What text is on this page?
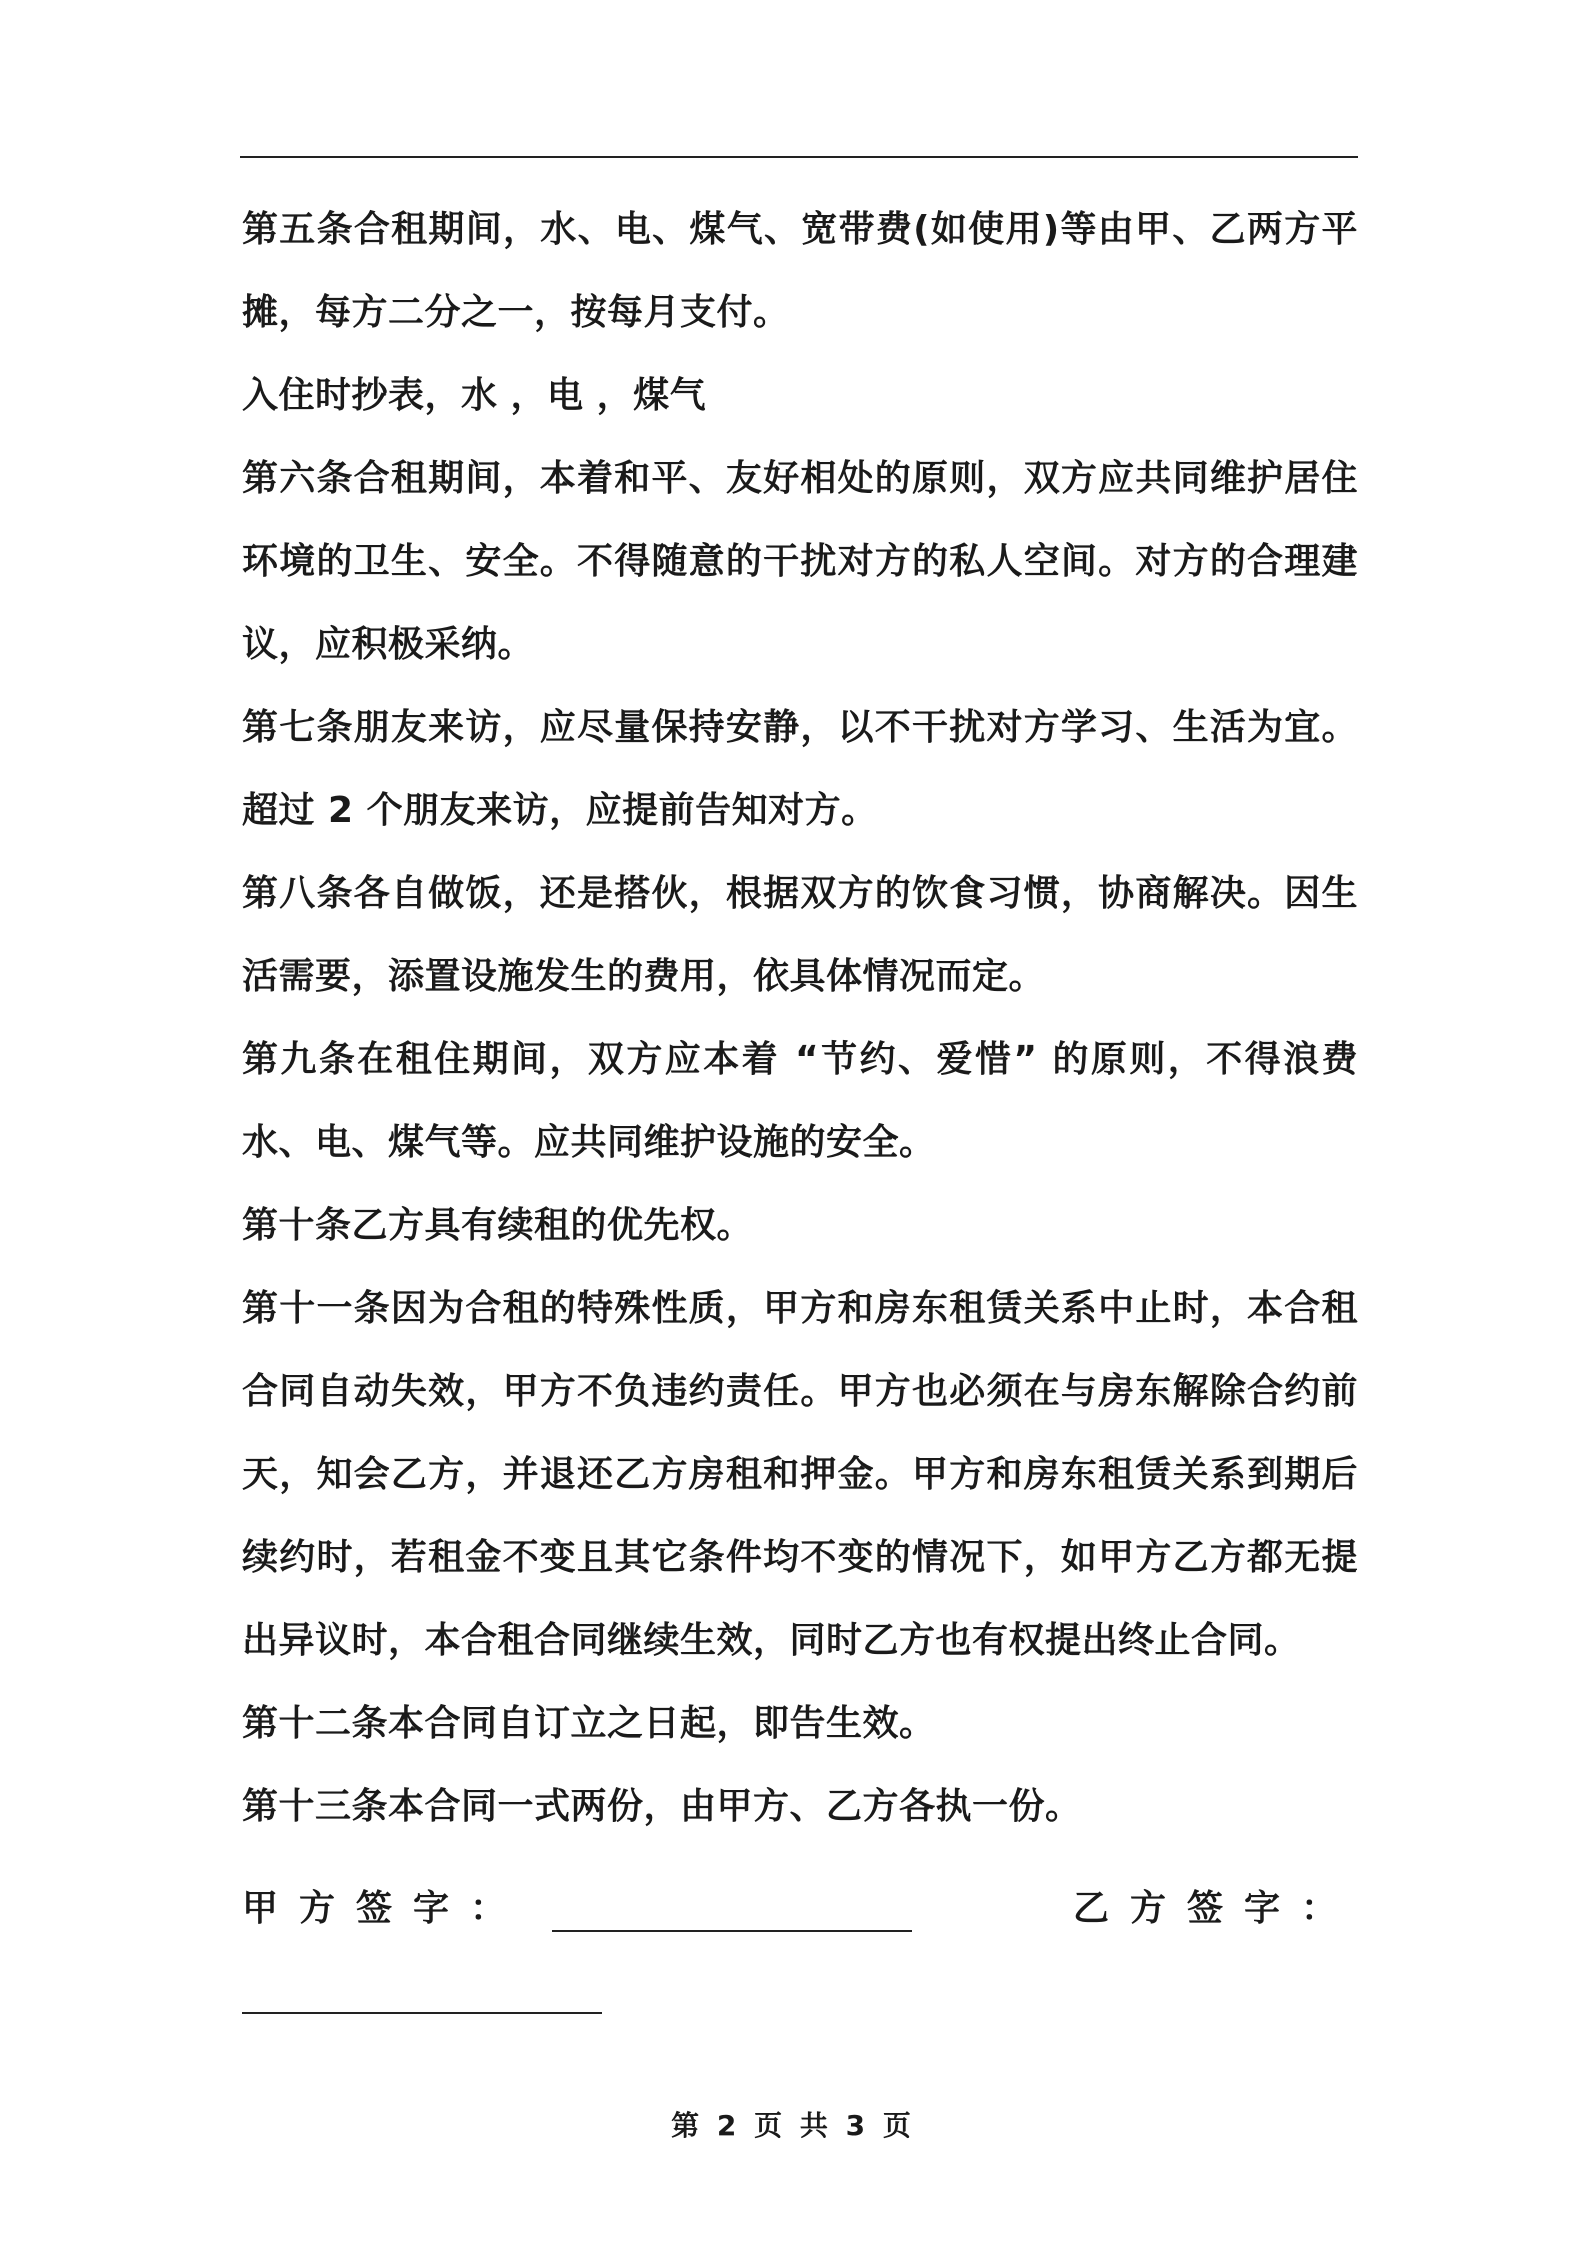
第五条合租期间，水、电、煤气、宽带费(如使用)等由甲、乙两方平摊，每方二分之一，按每月支付。

入住时抄表，水 ，电 ，煤气

第六条合租期间，本着和平、友好相处的原则，双方应共同维护居住环境的卫生、安全。不得随意的干扰对方的私人空间。对方的合理建议，应积极采纳。

第七条朋友来访，应尽量保持安静，以不干扰对方学习、生活为宜。超过 2 个朋友来访，应提前告知对方。

第八条各自做饭，还是搭伙，根据双方的饮食习惯，协商解决。因生活需要，添置设施发生的费用，依具体情况而定。

第九条在租住期间，双方应本着 “节约、爱惜” 的原则，不得浪费水、电、煤气等。应共同维护设施的安全。

第十条乙方具有续租的优先权。

第十一条因为合租的特殊性质，甲方和房东租赁关系中止时，本合租合同自动失效，甲方不负违约责任。甲方也必须在与房东解除合约前天，知会乙方，并退还乙方房租和押金。甲方和房东租赁关系到期后续约时，若租金不变且其它条件均不变的情况下，如甲方乙方都无提出异议时，本合租合同继续生效，同时乙方也有权提出终止合同。

第十二条本合同自订立之日起，即告生效。

第十三条本合同一式两份，由甲方、乙方各执一份。

甲方签字：	乙方签字：
第 2 页 共 3 页
